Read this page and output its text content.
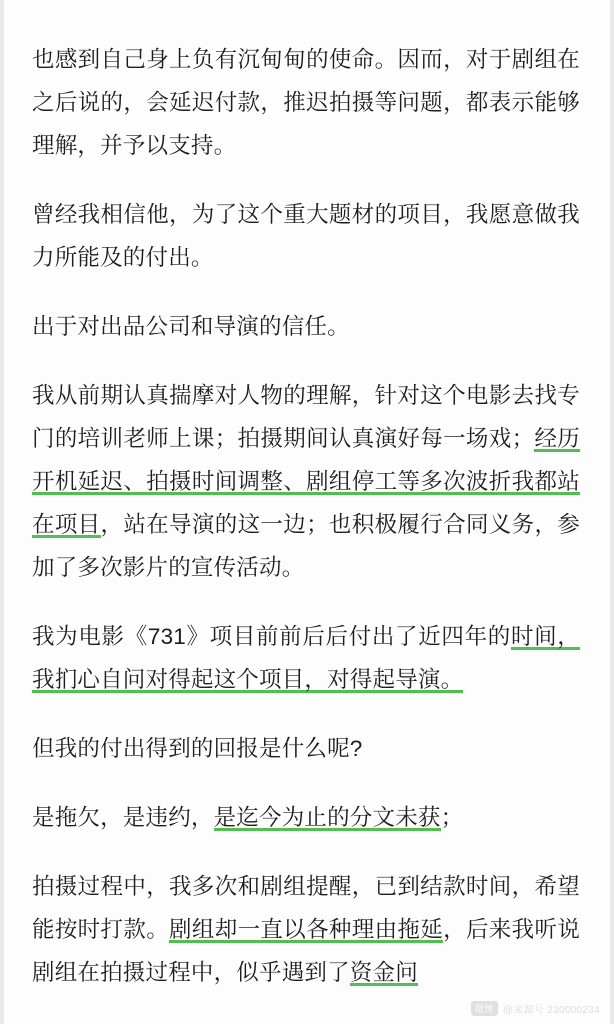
也感到自己身上负有沉甸甸的使命。因而，对于剧组在之后说的，会延迟付款，推迟拍摄等问题，都表示能够理解，并予以支持。

曾经我相信他，为了这个重大题材的项目，我愿意做我力所能及的付出。

出于对出品公司和导演的信任。

我从前期认真揣摩对人物的理解，针对这个电影去找专门的培训老师上课；拍摄期间认真演好每一场戏；经历开机延迟、拍摄时间调整、剧组停工等多次波折我都站在项目，站在导演的这一边；也积极履行合同义务，参加了多次影片的宣传活动。

我为电影《731》项目前前后后付出了近四年的时间，我扪心自问对得起这个项目，对得起导演。

但我的付出得到的回报是什么呢?

是拖欠，是违约，是迄今为止的分文未获；

拍摄过程中，我多次和剧组提醒，已到结款时间，希望能按时打款。剧组却一直以各种理由拖延，后来我听说剧组在拍摄过程中，似乎遇到了资金问

微博 @来源号 230000234
